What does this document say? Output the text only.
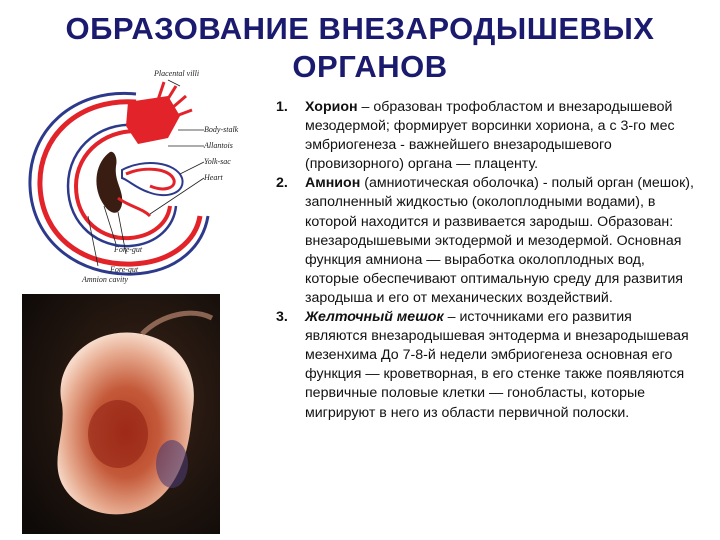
ОБРАЗОВАНИЕ ВНЕЗАРОДЫШЕВЫХ
ОРГАНОВ
Placental villi
Body-stalk
Allantois
Yolk-sac
Heart
Fore-gut
Fore-gut
Amnion cavity
1. Хорион – образован трофобластом и внезародышевой мезодермой; формирует ворсинки хориона, а с 3-го мес эмбриогенеза - важнейшего внезародышевого (провизорного) органа — плаценту.
2. Амнион (амниотическая оболочка) - полый орган (мешок), заполненный жидкостью (околоплодными водами), в которой находится и развивается зародыш. Образован: внезародышевыми эктодермой и мезодермой. Основная функция амниона — выработка околоплодных вод, которые обеспечивают оптимальную среду для развития зародыша и его от механических воздействий.
3. Желточный мешок – источниками его развития являются внезародышевая энтодерма и внезародышевая мезенхима До 7-8-й недели эмбриогенеза основная его функция — кроветворная, в его стенке также появляются первичные половые клетки — гонобласты, которые мигрируют в него из области первичной полоски.
